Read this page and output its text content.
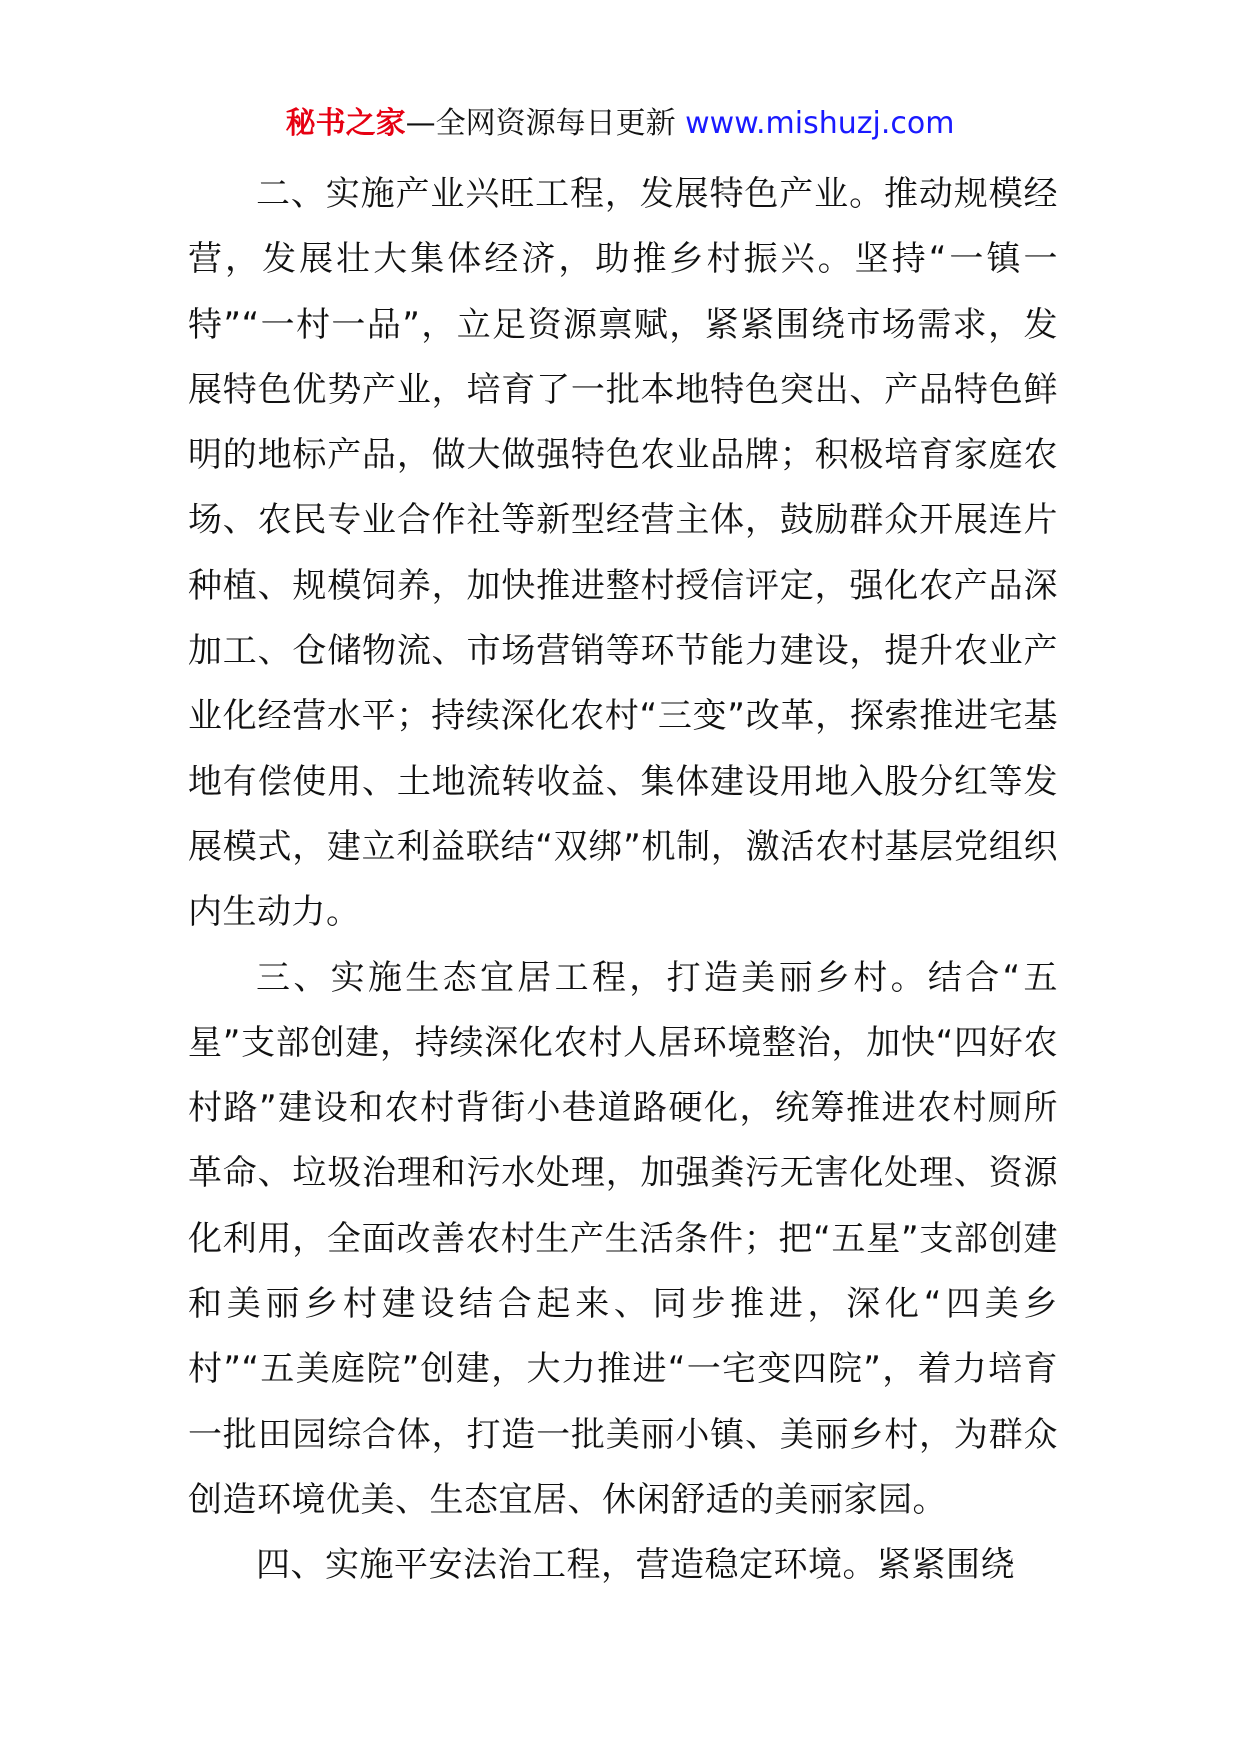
秘书之家—全网资源每日更新 www.mishuzj.com

二、实施产业兴旺工程，发展特色产业。推动规模经营，发展壮大集体经济，助推乡村振兴。坚持“一镇一特”“一村一品”，立足资源禀赋，紧紧围绕市场需求，发展特色优势产业，培育了一批本地特色突出、产品特色鲜明的地标产品，做大做强特色农业品牌；积极培育家庭农场、农民专业合作社等新型经营主体，鼓励群众开展连片种植、规模饲养，加快推进整村授信评定，强化农产品深加工、仓储物流、市场营销等环节能力建设，提升农业产业化经营水平；持续深化农村“三变”改革，探索推进宅基地有偿使用、土地流转收益、集体建设用地入股分红等发展模式，建立利益联结“双绑”机制，激活农村基层党组织内生动力。

三、实施生态宜居工程，打造美丽乡村。结合“五星”支部创建，持续深化农村人居环境整治，加快“四好农村路”建设和农村背街小巷道路硬化，统筹推进农村厕所革命、垃圾治理和污水处理，加强粪污无害化处理、资源化利用，全面改善农村生产生活条件；把“五星”支部创建和美丽乡村建设结合起来、同步推进，深化“四美乡村”“五美庭院”创建，大力推进“一宅变四院”，着力培育一批田园综合体，打造一批美丽小镇、美丽乡村，为群众创造环境优美、生态宜居、休闲舒适的美丽家园。

四、实施平安法治工程，营造稳定环境。紧紧围绕
